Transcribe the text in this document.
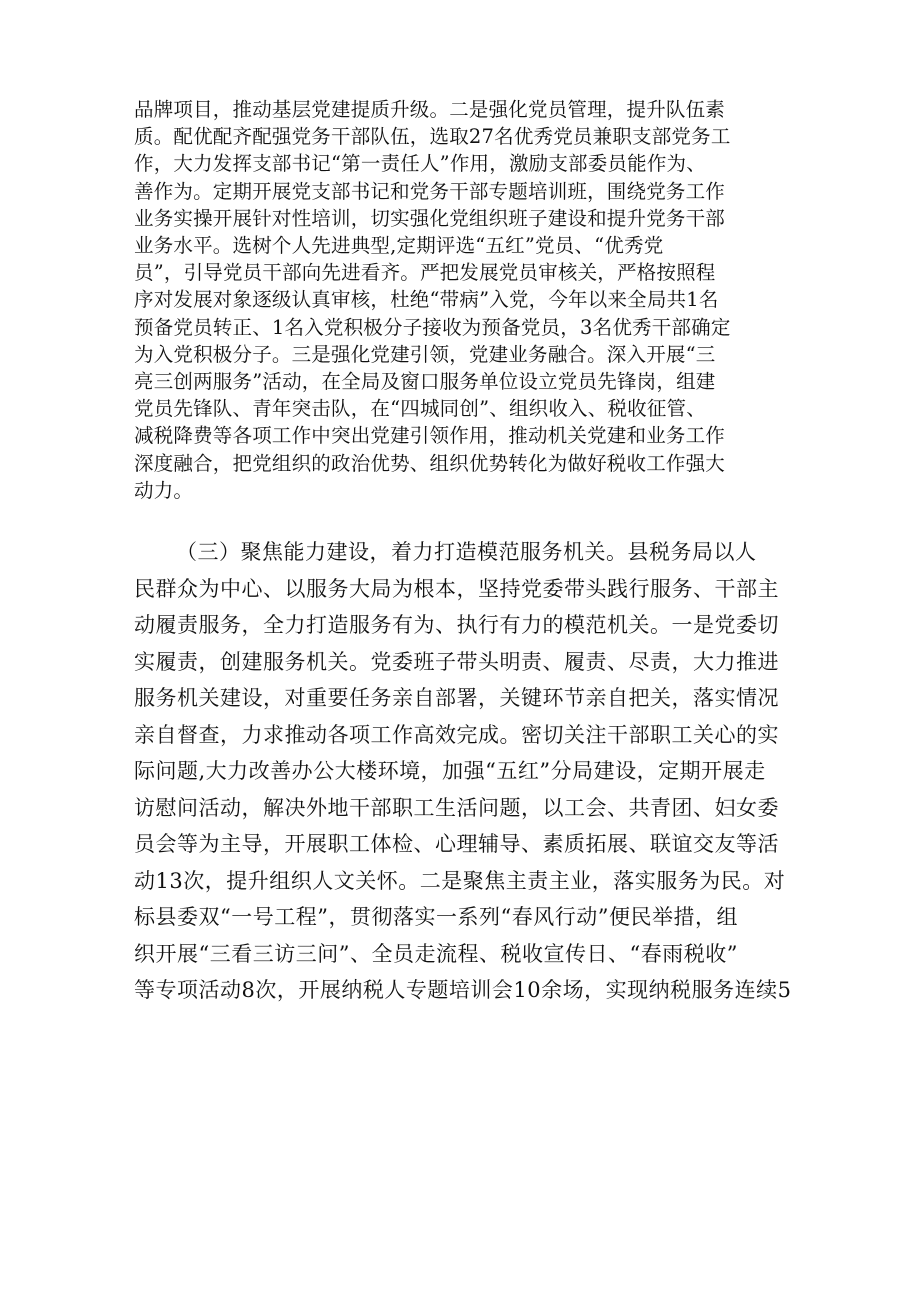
品牌项目，推动基层党建提质升级。二是强化党员管理，提升队伍素
质。配优配齐配强党务干部队伍，选取27名优秀党员兼职支部党务工
作，大力发挥支部书记“第一责任人”作用，激励支部委员能作为、
善作为。定期开展党支部书记和党务干部专题培训班，围绕党务工作
业务实操开展针对性培训，切实强化党组织班子建设和提升党务干部
业务水平。选树个人先进典型,定期评选“五红”党员、“优秀党
员”，引导党员干部向先进看齐。严把发展党员审核关，严格按照程
序对发展对象逐级认真审核，杜绝“带病”入党，今年以来全局共1名
预备党员转正、1名入党积极分子接收为预备党员，3名优秀干部确定
为入党积极分子。三是强化党建引领，党建业务融合。深入开展“三
亮三创两服务”活动，在全局及窗口服务单位设立党员先锋岗，组建
党员先锋队、青年突击队，在“四城同创”、组织收入、税收征管、
减税降费等各项工作中突出党建引领作用，推动机关党建和业务工作
深度融合，把党组织的政治优势、组织优势转化为做好税收工作强大
动力。
（三）聚焦能力建设，着力打造模范服务机关。县税务局以人
民群众为中心、以服务大局为根本，坚持党委带头践行服务、干部主
动履责服务，全力打造服务有为、执行有力的模范机关。一是党委切
实履责，创建服务机关。党委班子带头明责、履责、尽责，大力推进
服务机关建设，对重要任务亲自部署，关键环节亲自把关，落实情况
亲自督查，力求推动各项工作高效完成。密切关注干部职工关心的实
际问题,大力改善办公大楼环境，加强“五红”分局建设，定期开展走
访慰问活动，解决外地干部职工生活问题，以工会、共青团、妇女委
员会等为主导，开展职工体检、心理辅导、素质拓展、联谊交友等活
动13次，提升组织人文关怀。二是聚焦主责主业，落实服务为民。对
标县委双“一号工程”，贯彻落实一系列“春风行动”便民举措，组
织开展“三看三访三问”、全员走流程、税收宣传日、“春雨税收”
等专项活动8次，开展纳税人专题培训会10余场，实现纳税服务连续5
